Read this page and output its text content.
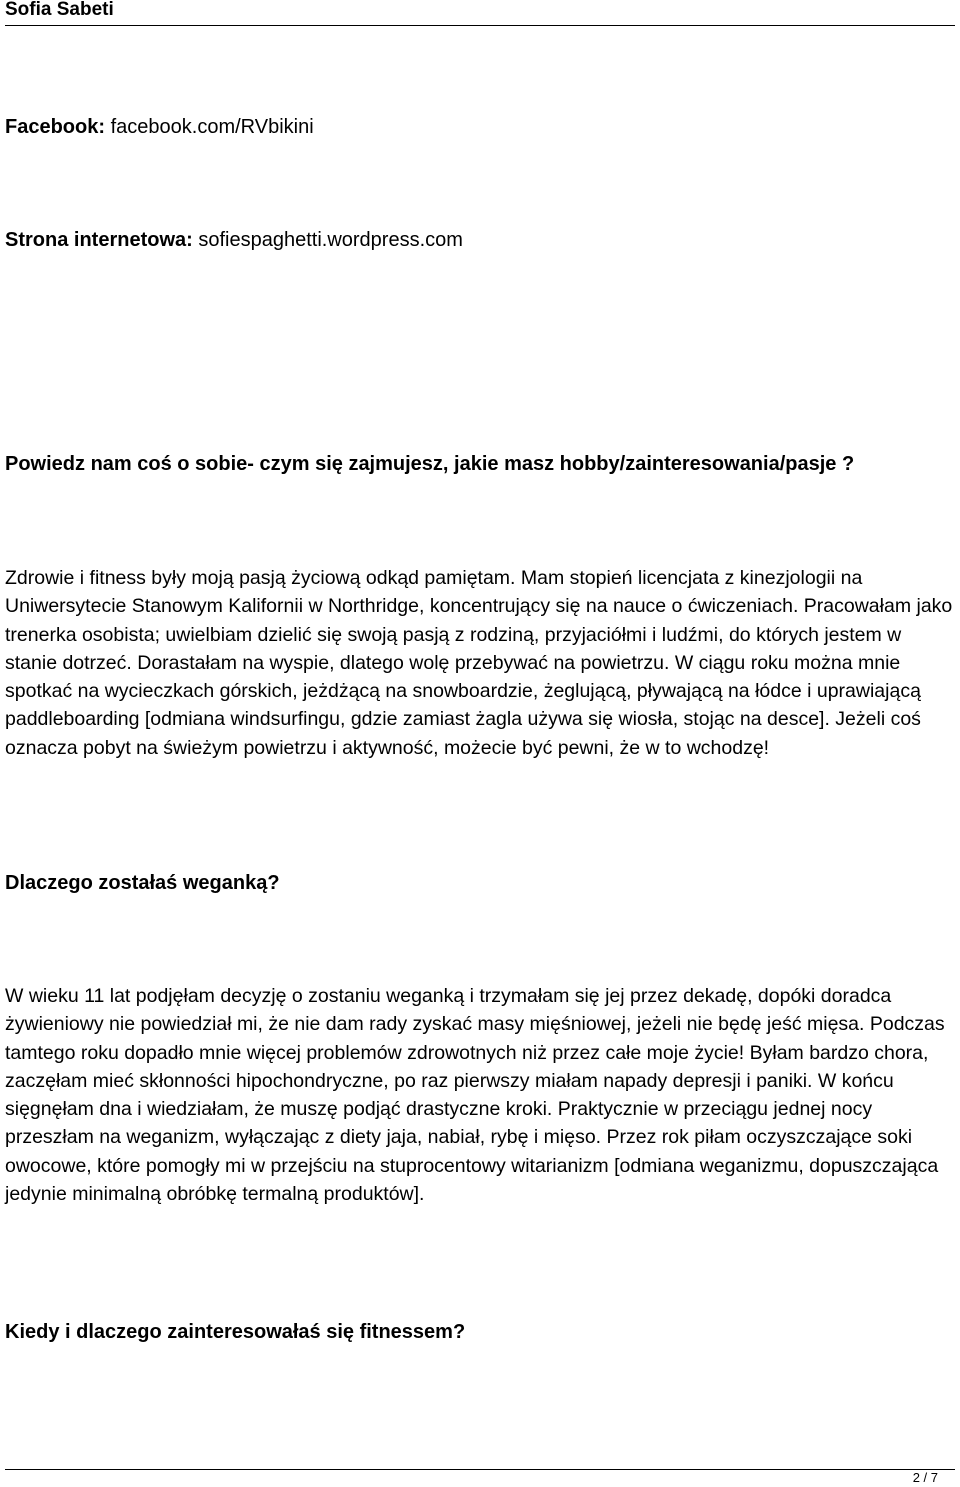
Sofia Sabeti
Facebook: facebook.com/RVbikini
Strona internetowa: sofiespaghetti.wordpress.com
Powiedz nam coś o sobie- czym się zajmujesz, jakie masz hobby/zainteresowania/pasje ?

Zdrowie i fitness były moją pasją życiową odkąd pamiętam. Mam stopień licencjata z kinezjologii na Uniwersytecie Stanowym Kalifornii w Northridge, koncentrujący się na nauce o ćwiczeniach. Pracowałam jako trenerka osobista; uwielbiam dzielić się swoją pasją z rodziną, przyjaciółmi i ludźmi, do których jestem w stanie dotrzeć. Dorastałam na wyspie, dlatego wolę przebywać na powietrzu. W ciągu roku można mnie spotkać na wycieczkach górskich, jeżdżącą na snowboardzie, żeglującą, pływającą na łódce i uprawiającą paddleboarding [odmiana windsurfingu, gdzie zamiast żagla używa się wiosła, stojąc na desce]. Jeżeli coś oznacza pobyt na świeżym powietrzu i aktywność, możecie być pewni, że w to wchodzę!

Dlaczego zostałaś weganką?

W wieku 11 lat podjęłam decyzję o zostaniu weganką i trzymałam się jej przez dekadę, dopóki doradca żywieniowy nie powiedział mi, że nie dam rady zyskać masy mięśniowej, jeżeli nie będę jeść mięsa. Podczas tamtego roku dopadło mnie więcej problemów zdrowotnych niż przez całe moje życie! Byłam bardzo chora, zaczęłam mieć skłonności hipochondryczne, po raz pierwszy miałam napady depresji i paniki. W końcu sięgnęłam dna i wiedziałam, że muszę podjąć drastyczne kroki. Praktycznie w przeciągu jednej nocy przeszłam na weganizm, wyłączając z diety jaja, nabiał, rybę i mięso. Przez rok piłam oczyszczające soki owocowe, które pomogły mi w przejściu na stuprocentowy witarianizm [odmiana weganizmu, dopuszczająca jedynie minimalną obróbkę termalną produktów].

Kiedy i dlaczego zainteresowałaś się fitnessem?
2 / 7
